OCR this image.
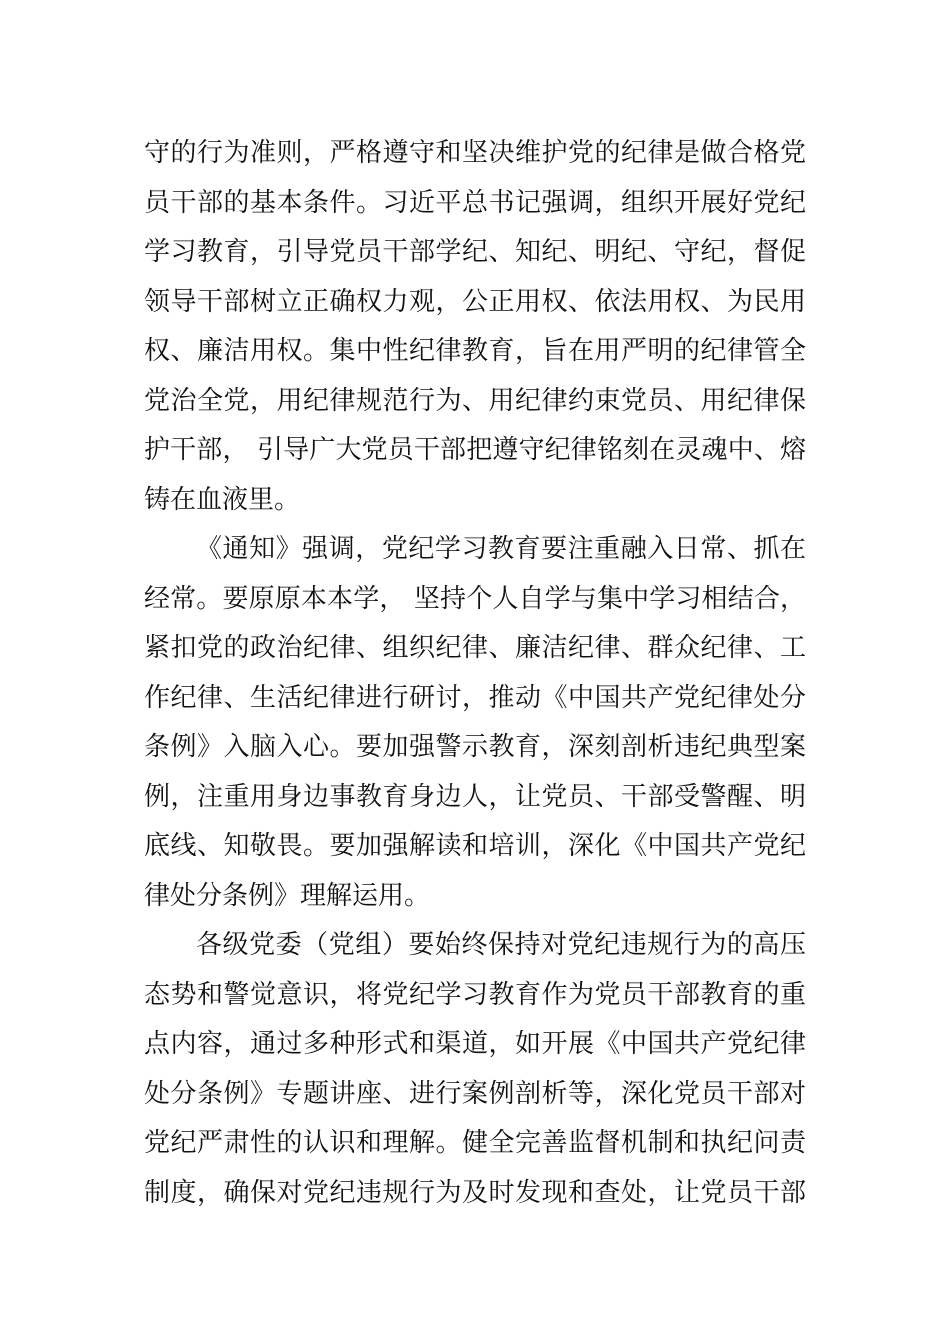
守的行为准则，严格遵守和坚决维护党的纪律是做合格党
员干部的基本条件。习近平总书记强调，组织开展好党纪
学习教育，引导党员干部学纪、知纪、明纪、守纪，督促
领导干部树立正确权力观，公正用权、依法用权、为民用
权、廉洁用权。集中性纪律教育，旨在用严明的纪律管全
党治全党，用纪律规范行为、用纪律约束党员、用纪律保
护干部， 引导广大党员干部把遵守纪律铭刻在灵魂中、熔
铸在血液里。
《通知》强调，党纪学习教育要注重融入日常、抓在
经常。要原原本本学， 坚持个人自学与集中学习相结合，
紧扣党的政治纪律、组织纪律、廉洁纪律、群众纪律、工
作纪律、生活纪律进行研讨，推动《中国共产党纪律处分
条例》入脑入心。要加强警示教育，深刻剖析违纪典型案
例，注重用身边事教育身边人，让党员、干部受警醒、明
底线、知敬畏。要加强解读和培训，深化《中国共产党纪
律处分条例》理解运用。
各级党委（党组）要始终保持对党纪违规行为的高压
态势和警觉意识，将党纪学习教育作为党员干部教育的重
点内容，通过多种形式和渠道，如开展《中国共产党纪律
处分条例》专题讲座、进行案例剖析等，深化党员干部对
党纪严肃性的认识和理解。健全完善监督机制和执纪问责
制度，确保对党纪违规行为及时发现和查处，让党员干部
